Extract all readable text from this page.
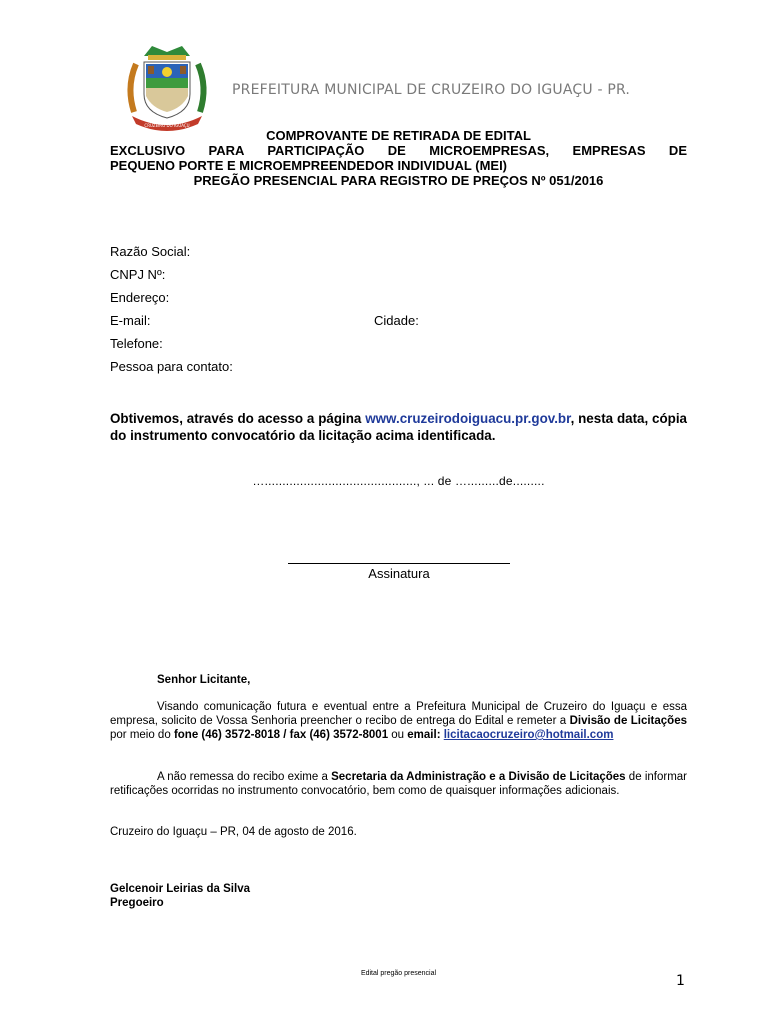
CRUZEIRO DO IGUAÇU
PREFEITURA MUNICIPAL DE CRUZEIRO DO IGUAÇU - PR.
COMPROVANTE DE RETIRADA DE EDITAL
EXCLUSIVO PARA PARTICIPAÇÃO DE MICROEMPRESAS, EMPRESAS DE
PEQUENO PORTE E MICROEMPREENDEDOR INDIVIDUAL (MEI)
PREGÃO PRESENCIAL PARA REGISTRO DE PREÇOS Nº 051/2016
Razão Social:
CNPJ Nº:
Endereço:
E-mail:	Cidade:
Telefone:
Pessoa para contato:
Obtivemos, através do acesso a página www.cruzeirodoiguacu.pr.gov.br, nesta data, cópia do instrumento convocatório da licitação acima identificada.
…..........................................., ... de ….........de.........
Assinatura
Senhor Licitante,
Visando comunicação futura e eventual entre a Prefeitura Municipal de Cruzeiro do Iguaçu e essa empresa, solicito de Vossa Senhoria preencher o recibo de entrega do Edital e remeter a Divisão de Licitações por meio do fone (46) 3572-8018 / fax (46) 3572-8001 ou email: licitacaocruzeiro@hotmail.com
A não remessa do recibo exime a Secretaria da Administração e a Divisão de Licitações de informar retificações ocorridas no instrumento convocatório, bem como de quaisquer informações adicionais.
Cruzeiro do Iguaçu – PR, 04 de agosto de 2016.
Gelcenoir Leirias da Silva
Pregoeiro
Edital pregão presencial	1
